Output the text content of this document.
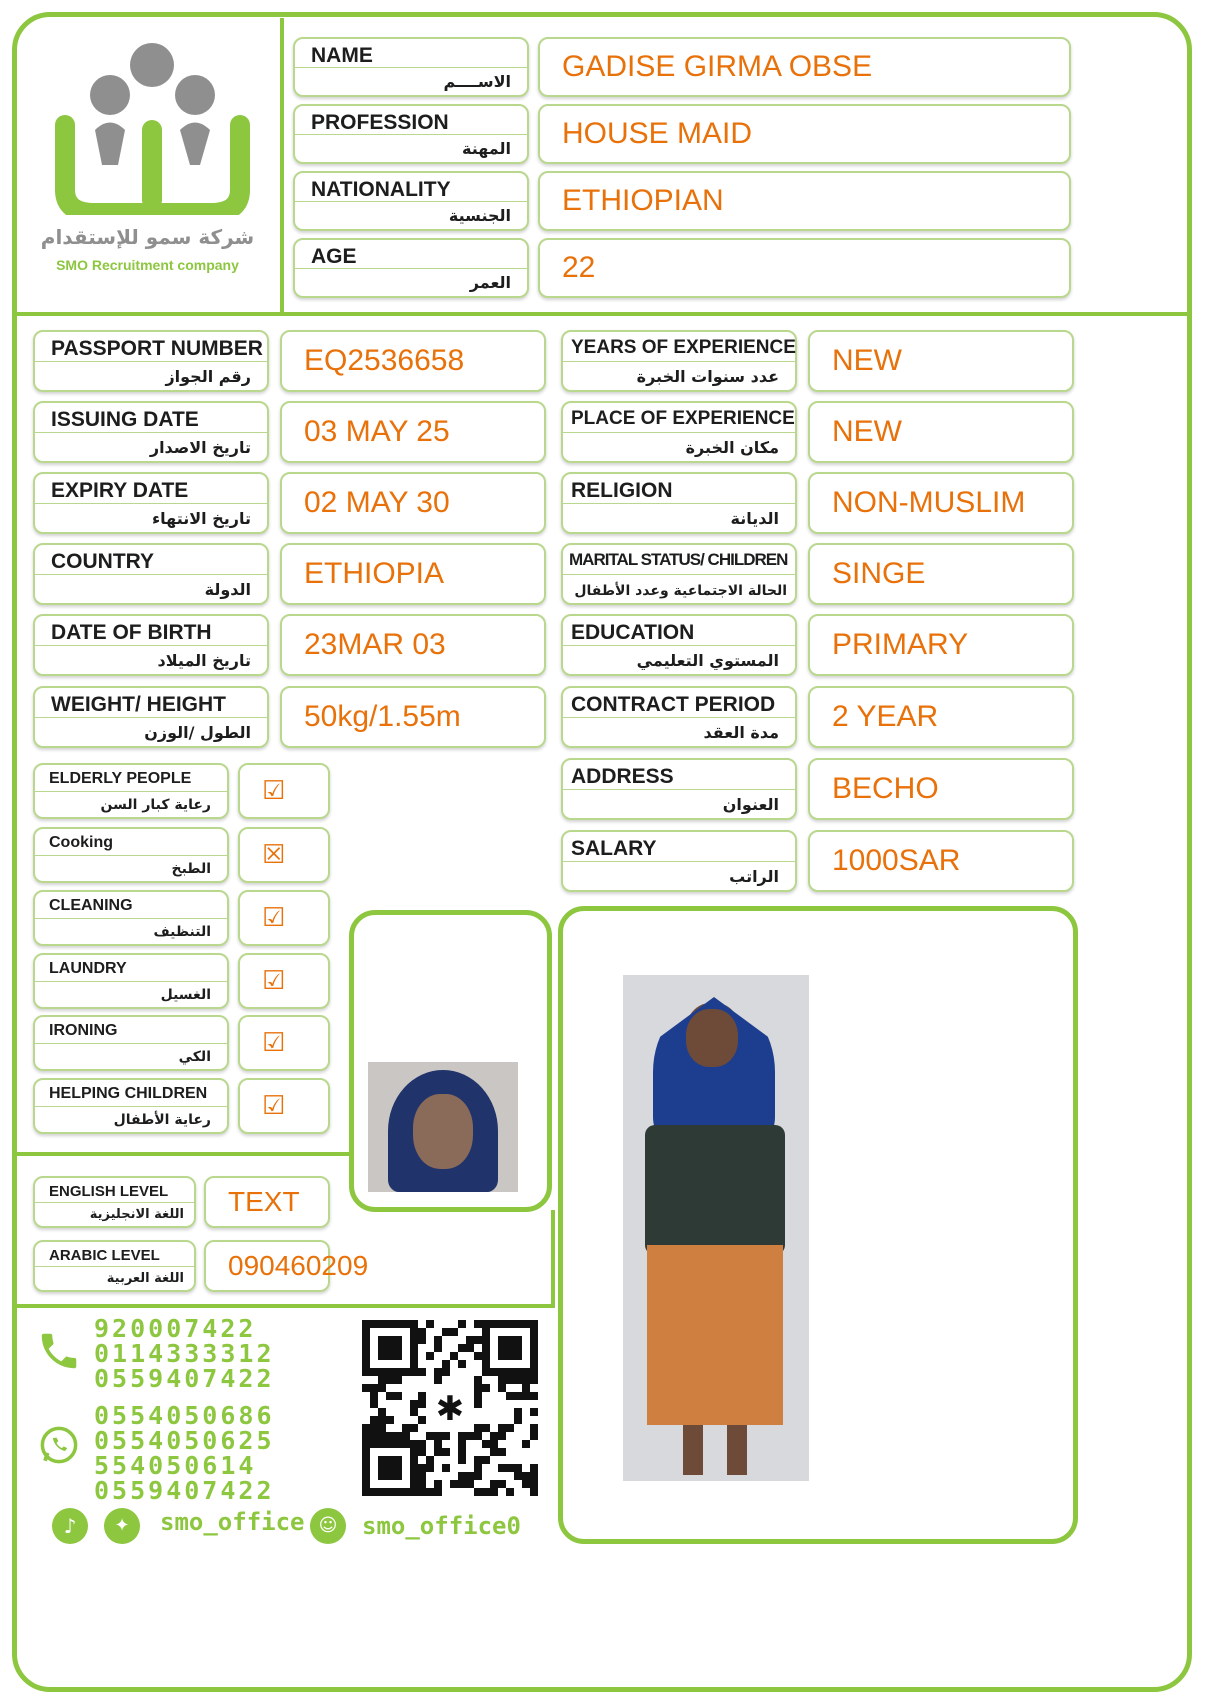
شركة سمو للإستقدام
SMO Recruitment company
NAME
الاســــم GADISE GIRMA OBSE
PROFESSION
المهنة HOUSE MAID
NATIONALITY
الجنسية ETHIOPIAN
AGE
العمر 22
PASSPORT NUMBER
رقم الجواز EQ2536658
ISSUING DATE
تاريخ الاصدار 03 MAY 25
EXPIRY DATE
تاريخ الانتهاء 02 MAY 30
COUNTRY
الدولة ETHIOPIA
DATE OF BIRTH
تاريخ الميلاد 23MAR 03
WEIGHT/ HEIGHT
الطول /الوزن 50kg/1.55m
YEARS OF EXPERIENCE
عدد سنوات الخبرة NEW
PLACE OF EXPERIENCE
مكان الخبرة NEW
RELIGION
الديانة NON-MUSLIM
MARITAL STATUS/ CHILDREN
الحالة الاجتماعية وعدد الأطفال
SINGE
EDUCATION
المستوي التعليمي PRIMARY
CONTRACT PERIOD
مدة العقد 2 YEAR
ADDRESS
العنوان BECHO
SALARY
الراتب 1000SAR
ELDERLY PEOPLE
رعاية كبار السن ☑
Cooking
الطبخ ☒
CLEANING
التنظيف ☑
LAUNDRY
الغسيل ☑
IRONING
الكي ☑
HELPING CHILDREN
رعاية الأطفال ☑
ENGLISH LEVEL
اللغة الانجليزية TEXT
ARABIC LEVEL
اللغة العربية 090460209
920007422
0114333312
0559407422
0554050686
0554050625
554050614
0559407422
♪	✦	smo_office ☺	smo_office0
✱
